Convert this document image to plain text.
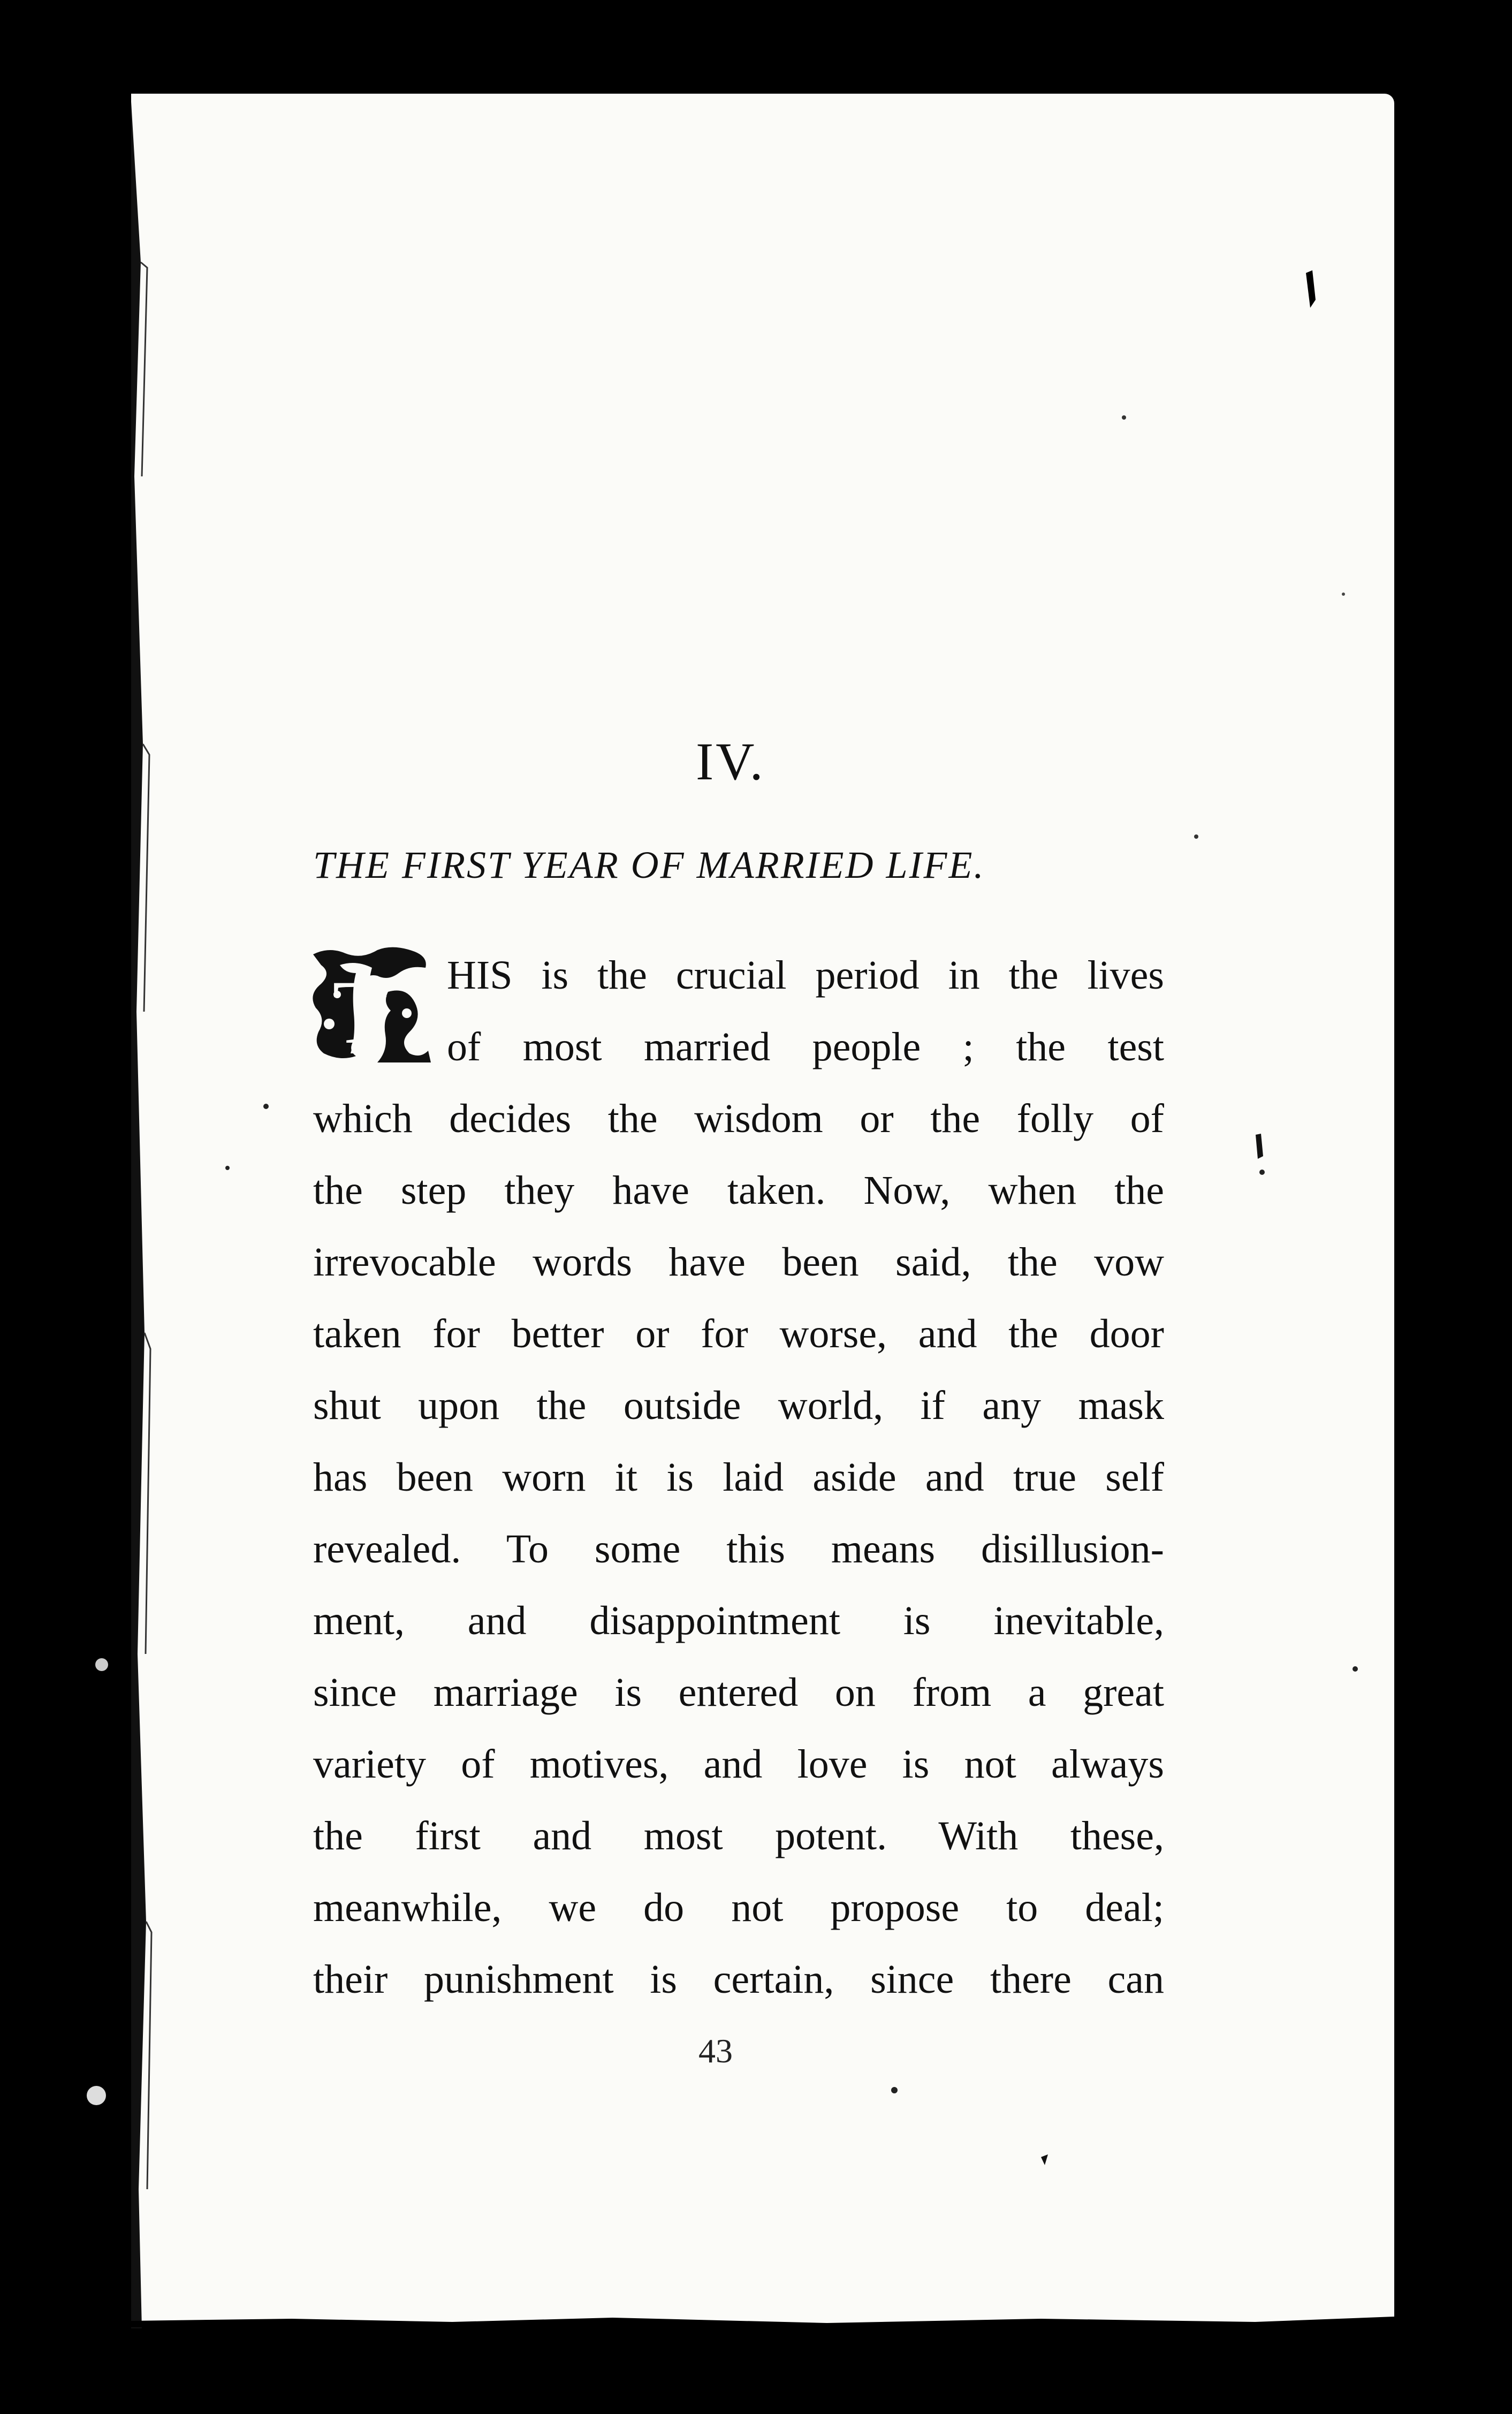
IV.
THE FIRST YEAR OF MARRIED LIFE.
T	HIS is the crucial period in the lives
of most married people ; the test
which decides the wisdom or the folly of
the step they have taken. Now, when the
irrevocable words have been said, the vow
taken for better or for worse, and the door
shut upon the outside world, if any mask
has been worn it is laid aside and true self
revealed. To some this means disillusion-
ment, and disappointment is inevitable,
since marriage is entered on from a great
variety of motives, and love is not always
the first and most potent. With these,
meanwhile, we do not propose to deal;
their punishment is certain, since there can
43
